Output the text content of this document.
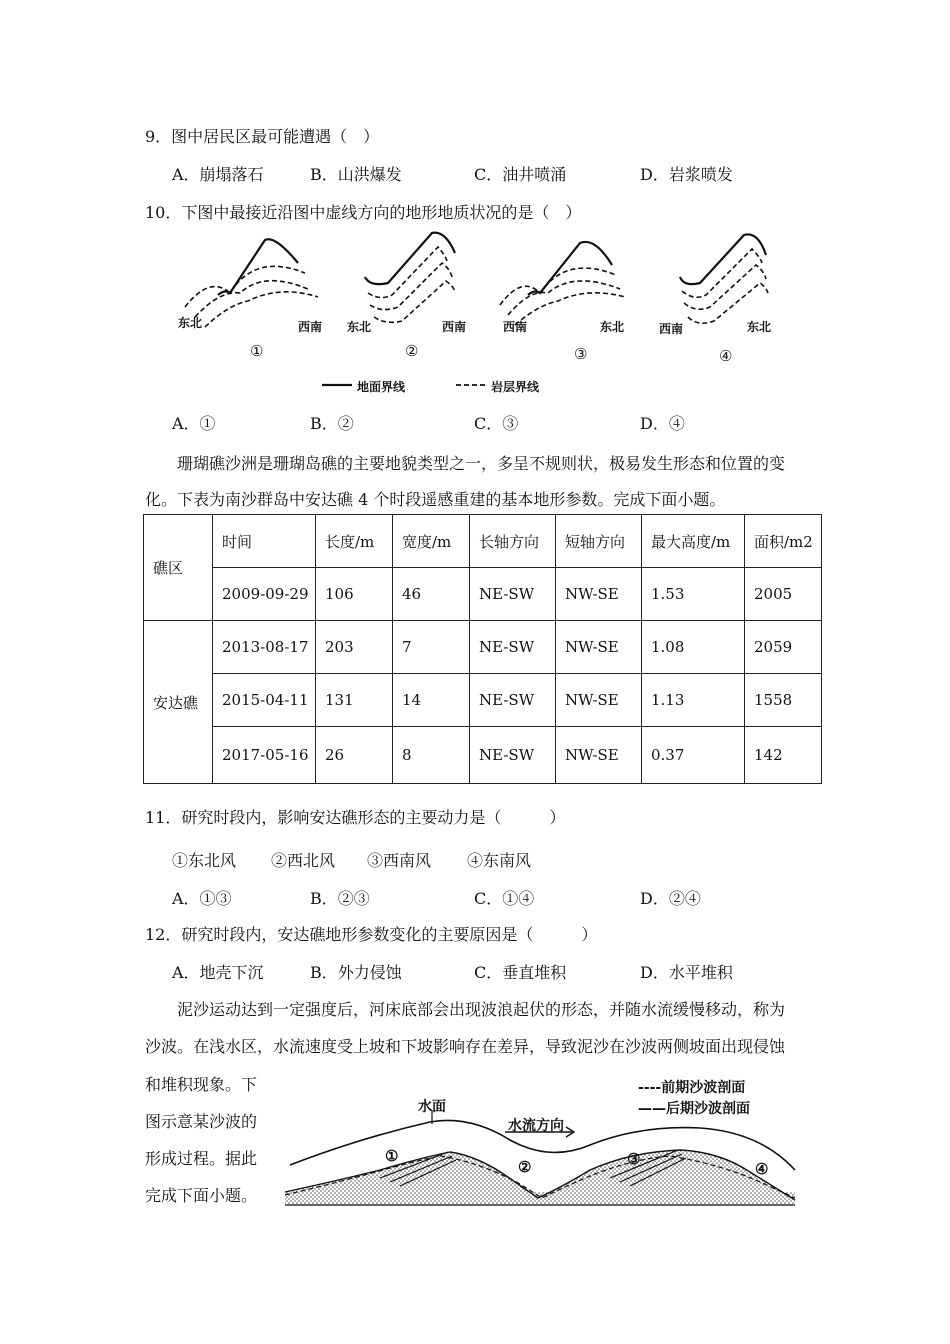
9．图中居民区最可能遭遇（　）
A．崩塌落石	B．山洪爆发	C．油井喷涌	D．岩浆喷发
10．下图中最接近沿图中虚线方向的地形地质状况的是（　）
东北	西南
①
东北	西南
②
西南	东北
③
西南	东北
④
地面界线	岩层界线
A．①	B．②	C．③	D．④
珊瑚礁沙洲是珊瑚岛礁的主要地貌类型之一，多呈不规则状，极易发生形态和位置的变
化。下表为南沙群岛中安达礁 4 个时段遥感重建的基本地形参数。完成下面小题。
礁区	时间	长度/m	宽度/m	长轴方向	短轴方向	最大高度/m	面积/m2
	2009-09-29	106	46	NE-SW	NW-SE	1.53	2005
安达礁	2013-08-17	203	7	NE-SW	NW-SE	1.08	2059
	2015-04-11	131	14	NE-SW	NW-SE	1.13	1558
	2017-05-16	26	8	NE-SW	NW-SE	0.37	142
11．研究时段内，影响安达礁形态的主要动力是（　　　）
①东北风 ②西北风 ③西南风 ④东南风
A．①③	B．②③	C．①④	D．②④
12．研究时段内，安达礁地形参数变化的主要原因是（　　　）
A．地壳下沉	B．外力侵蚀	C．垂直堆积	D．水平堆积
泥沙运动达到一定强度后，河床底部会出现波浪起伏的形态，并随水流缓慢移动，称为
沙波。在浅水区，水流速度受上坡和下坡影响存在差异，导致泥沙在沙波两侧坡面出现侵蚀
和堆积现象。下
图示意某沙波的
形成过程。据此
完成下面小题。
----前期沙波剖面
——后期沙波剖面
水面
水流方向
①
②	③
④
